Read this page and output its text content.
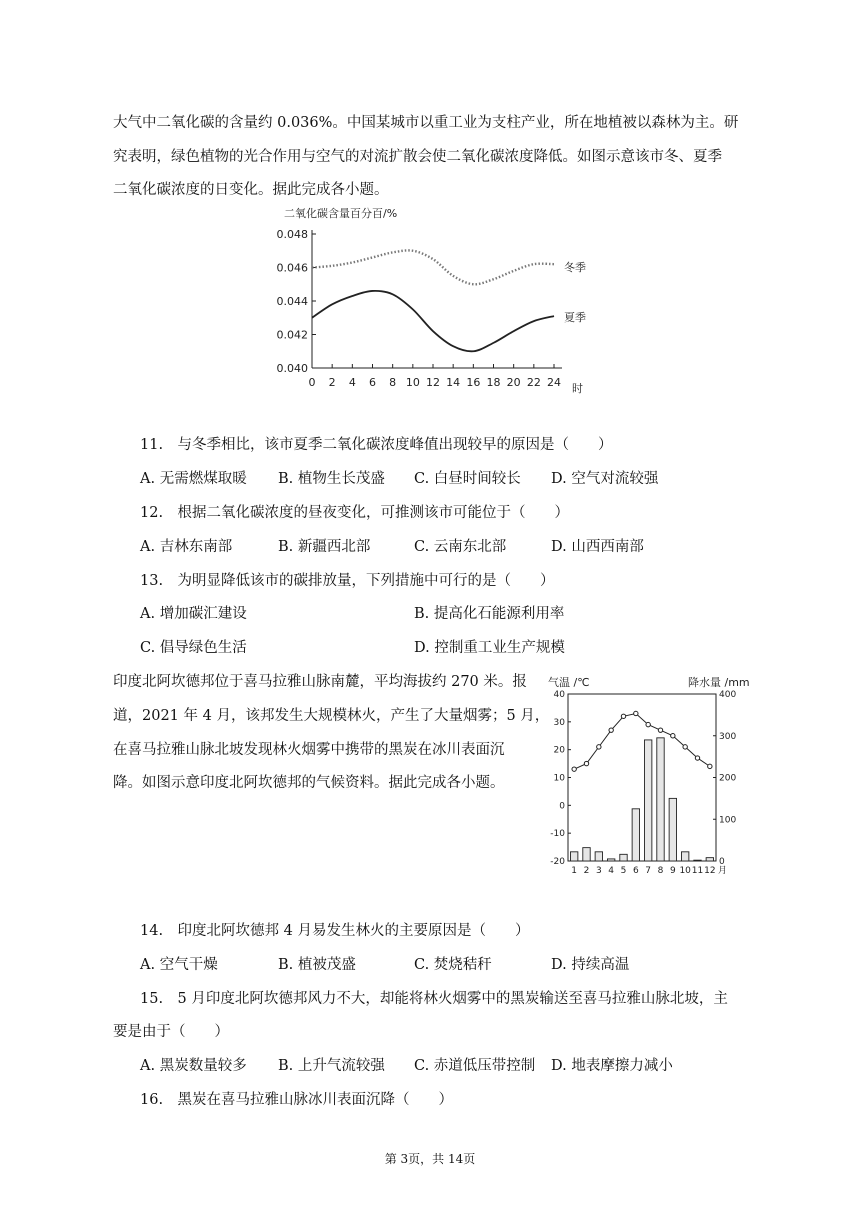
大气中二氧化碳的含量约 0.036%。中国某城市以重工业为支柱产业，所在地植被以森林为主。研
究表明，绿色植物的光合作用与空气的对流扩散会使二氧化碳浓度降低。如图示意该市冬、夏季
二氧化碳浓度的日变化。据此完成各小题。
二氧化碳含量百分百/%
时
0.040
0.042
0.044
0.046
0.048
0 2 4 6 8 10 12 14 16 18 20 22 24
冬季
夏季
11.　与冬季相比，该市夏季二氧化碳浓度峰值出现较早的原因是（　　）
A. 无需燃煤取暖 B. 植物生长茂盛 C. 白昼时间较长 D. 空气对流较强
12.　根据二氧化碳浓度的昼夜变化，可推测该市可能位于（　　）
A. 吉林东南部	B. 新疆西北部	C. 云南东北部	D. 山西西南部
13.　为明显降低该市的碳排放量，下列措施中可行的是（　　）
A. 增加碳汇建设	B. 提高化石能源利用率
C. 倡导绿色生活	D. 控制重工业生产规模
印度北阿坎德邦位于喜马拉雅山脉南麓，平均海拔约 270 米。报
道，2021 年 4 月，该邦发生大规模林火，产生了大量烟雾；5 月，
在喜马拉雅山脉北坡发现林火烟雾中携带的黑炭在冰川表面沉
降。如图示意印度北阿坎德邦的气候资料。据此完成各小题。
气温 /℃	降水量 /mm
-20
-10
0
10
20
30
40
0
100
200
300
400
1 2 3 4 5 6 7 8 9 10 11 12 月
14.　印度北阿坎德邦 4 月易发生林火的主要原因是（　　）
A. 空气干燥	B. 植被茂盛	C. 焚烧秸秆	D. 持续高温
15.　5 月印度北阿坎德邦风力不大，却能将林火烟雾中的黑炭输送至喜马拉雅山脉北坡，主
要是由于（　　）
A. 黑炭数量较多 B. 上升气流较强 C. 赤道低压带控制 D. 地表摩擦力减小
16.　黑炭在喜马拉雅山脉冰川表面沉降（　　）
第 3页，共 14页
